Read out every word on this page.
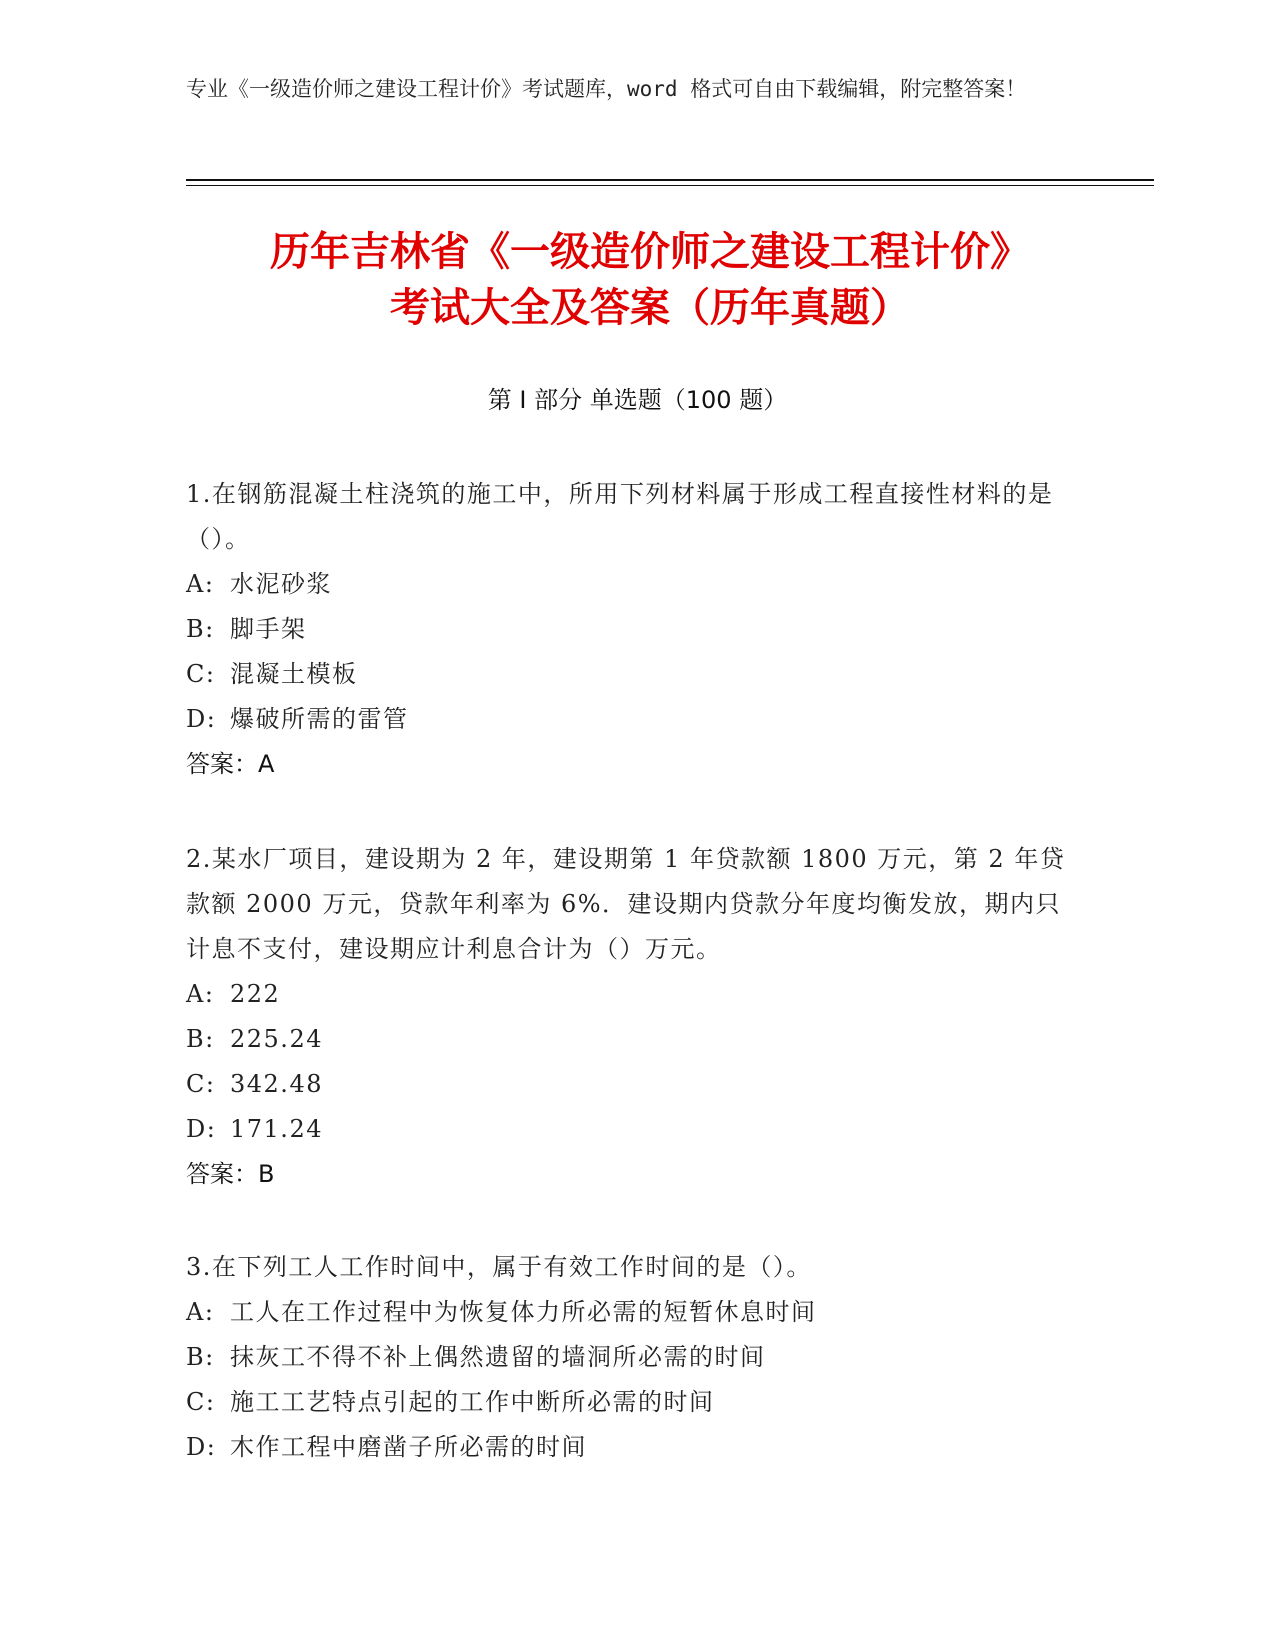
专业《一级造价师之建设工程计价》考试题库，word 格式可自由下载编辑，附完整答案！
历年吉林省《一级造价师之建设工程计价》
考试大全及答案（历年真题）
第 I 部分 单选题（100 题）
1.在钢筋混凝土柱浇筑的施工中，所用下列材料属于形成工程直接性材料的是（）。
A: 水泥砂浆
B: 脚手架
C: 混凝土模板
D: 爆破所需的雷管
答案：A
2.某水厂项目，建设期为 2 年，建设期第 1 年贷款额 1800 万元，第 2 年贷款额 2000 万元，贷款年利率为 6%．建设期内贷款分年度均衡发放，期内只计息不支付，建设期应计利息合计为（）万元。
A: 222
B: 225.24
C: 342.48
D: 171.24
答案：B
3.在下列工人工作时间中，属于有效工作时间的是（）。
A: 工人在工作过程中为恢复体力所必需的短暂休息时间
B: 抹灰工不得不补上偶然遗留的墙洞所必需的时间
C: 施工工艺特点引起的工作中断所必需的时间
D: 木作工程中磨凿子所必需的时间
